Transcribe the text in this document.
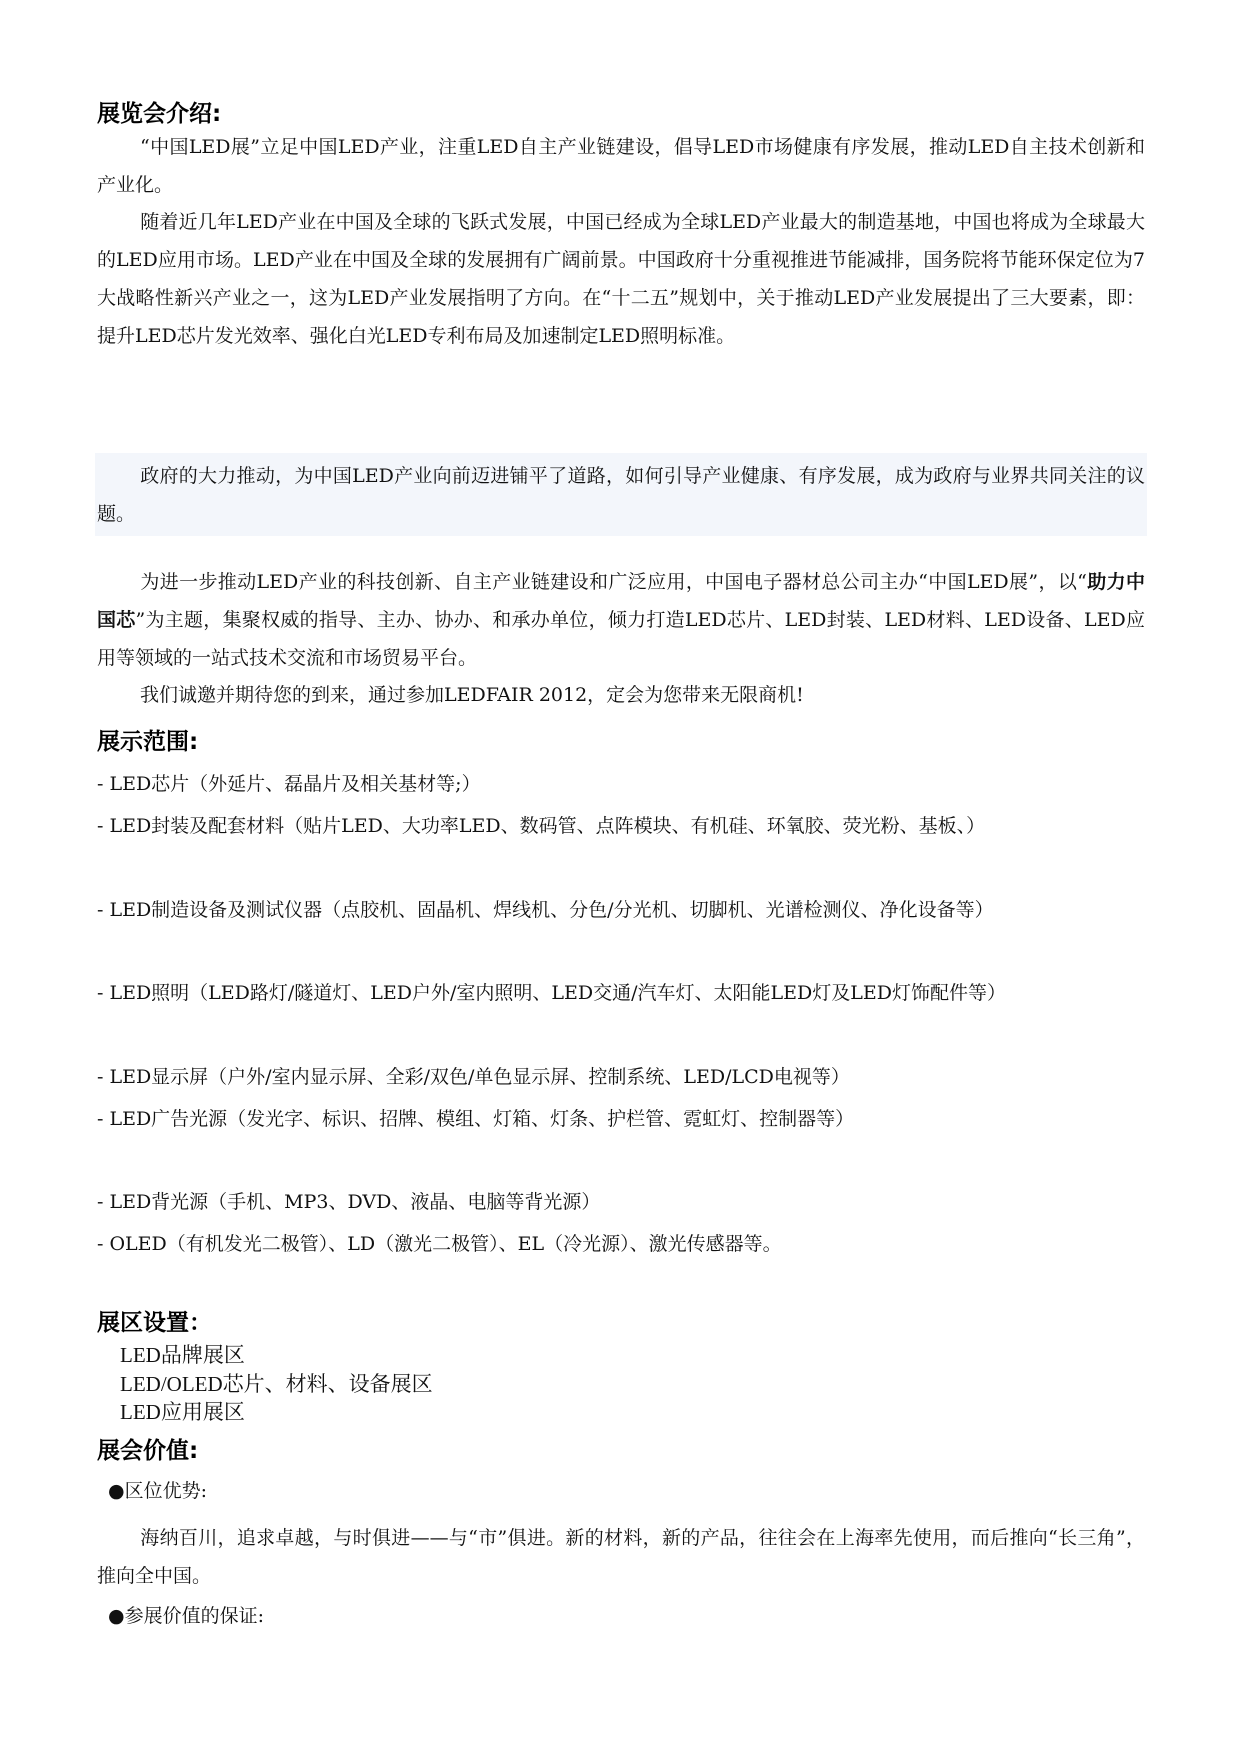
展览会介绍:

“中国LED展”立足中国LED产业，注重LED自主产业链建设，倡导LED市场健康有序发展，推动LED自主技术创新和产业化。

随着近几年LED产业在中国及全球的飞跃式发展，中国已经成为全球LED产业最大的制造基地，中国也将成为全球最大的LED应用市场。LED产业在中国及全球的发展拥有广阔前景。中国政府十分重视推进节能减排，国务院将节能环保定位为7大战略性新兴产业之一，这为LED产业发展指明了方向。在“十二五”规划中，关于推动LED产业发展提出了三大要素，即：提升LED芯片发光效率、强化白光LED专利布局及加速制定LED照明标准。

政府的大力推动，为中国LED产业向前迈进铺平了道路，如何引导产业健康、有序发展，成为政府与业界共同关注的议题。

为进一步推动LED产业的科技创新、自主产业链建设和广泛应用，中国电子器材总公司主办“中国LED展”，以“助力中国芯”为主题，集聚权威的指导、主办、协办、和承办单位，倾力打造LED芯片、LED封装、LED材料、LED设备、LED应用等领域的一站式技术交流和市场贸易平台。

我们诚邀并期待您的到来，通过参加LEDFAIR 2012，定会为您带来无限商机!

展示范围:

- LED芯片（外延片、磊晶片及相关基材等;）

- LED封装及配套材料（贴片LED、大功率LED、数码管、点阵模块、有机硅、环氧胶、荧光粉、基板、）

- LED制造设备及测试仪器（点胶机、固晶机、焊线机、分色/分光机、切脚机、光谱检测仪、净化设备等）

- LED照明（LED路灯/隧道灯、LED户外/室内照明、LED交通/汽车灯、太阳能LED灯及LED灯饰配件等）

- LED显示屏（户外/室内显示屏、全彩/双色/单色显示屏、控制系统、LED/LCD电视等）

- LED广告光源（发光字、标识、招牌、模组、灯箱、灯条、护栏管、霓虹灯、控制器等）

- LED背光源（手机、MP3、DVD、液晶、电脑等背光源）

- OLED（有机发光二极管）、LD（激光二极管）、EL（冷光源）、激光传感器等。

展区设置：

LED品牌展区

LED/OLED芯片、材料、设备展区

LED应用展区

展会价值:

●区位优势:

海纳百川，追求卓越，与时俱进——与“市”俱进。新的材料，新的产品，往往会在上海率先使用，而后推向“长三角”，推向全中国。

●参展价值的保证:
